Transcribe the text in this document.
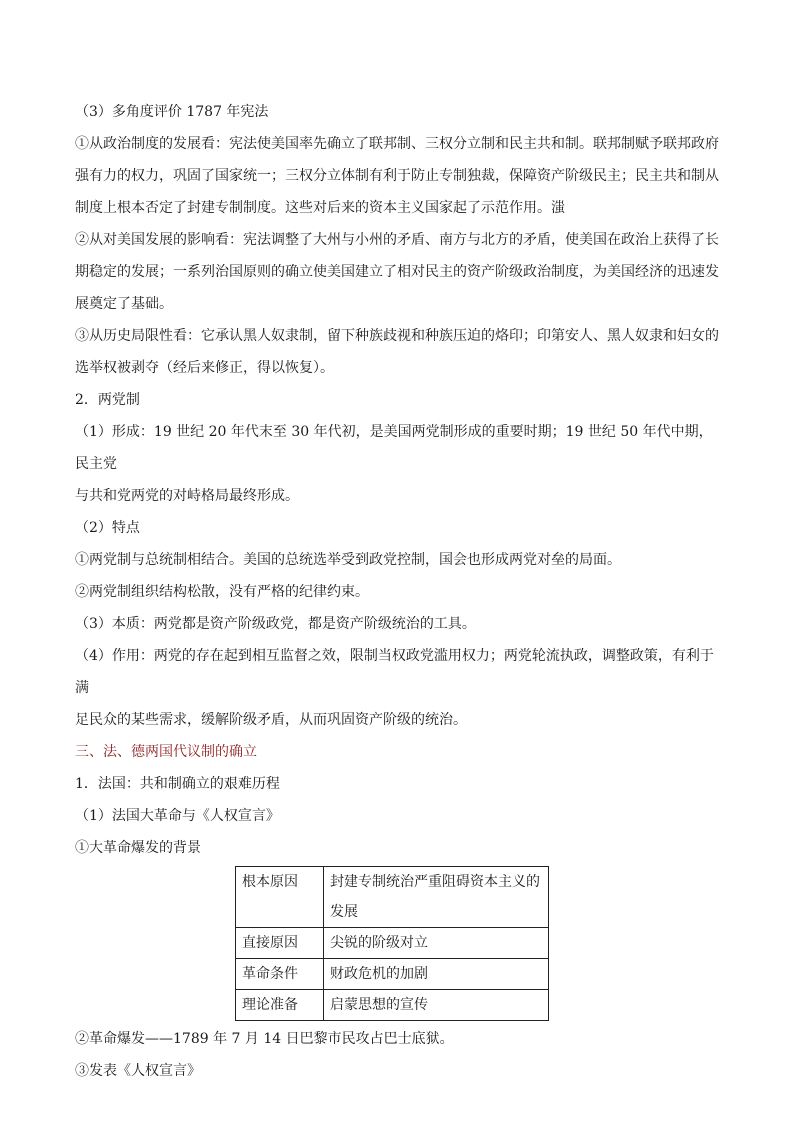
（3）多角度评价 1787 年宪法

①从政治制度的发展看：宪法使美国率先确立了联邦制、三权分立制和民主共和制。联邦制赋予联邦政府

强有力的权力，巩固了国家统一；三权分立体制有利于防止专制独裁，保障资产阶级民主；民主共和制从

制度上根本否定了封建专制制度。这些对后来的资本主义国家起了示范作用。滍

②从对美国发展的影响看：宪法调整了大州与小州的矛盾、南方与北方的矛盾，使美国在政治上获得了长

期稳定的发展；一系列治国原则的确立使美国建立了相对民主的资产阶级政治制度，为美国经济的迅速发

展奠定了基础。

③从历史局限性看：它承认黑人奴隶制，留下种族歧视和种族压迫的烙印；印第安人、黑人奴隶和妇女的

选举权被剥夺（经后来修正，得以恢复）。

2．两党制

（1）形成：19 世纪 20 年代末至 30 年代初，是美国两党制形成的重要时期；19 世纪 50 年代中期，民主党

与共和党两党的对峙格局最终形成。

（2）特点

①两党制与总统制相结合。美国的总统选举受到政党控制，国会也形成两党对垒的局面。

②两党制组织结构松散，没有严格的纪律约束。

（3）本质：两党都是资产阶级政党，都是资产阶级统治的工具。

（4）作用：两党的存在起到相互监督之效，限制当权政党滥用权力；两党轮流执政，调整政策，有利于满

足民众的某些需求，缓解阶级矛盾，从而巩固资产阶级的统治。

三、法、德两国代议制的确立

1．法国：共和制确立的艰难历程

（1）法国大革命与《人权宣言》

①大革命爆发的背景

根本原因	封建专制统治严重阻碍资本主义的
发展
直接原因	尖锐的阶级对立
革命条件	财政危机的加剧
理论准备	启蒙思想的宣传

②革命爆发——1789 年 7 月 14 日巴黎市民攻占巴士底狱。

③发表《人权宣言》
